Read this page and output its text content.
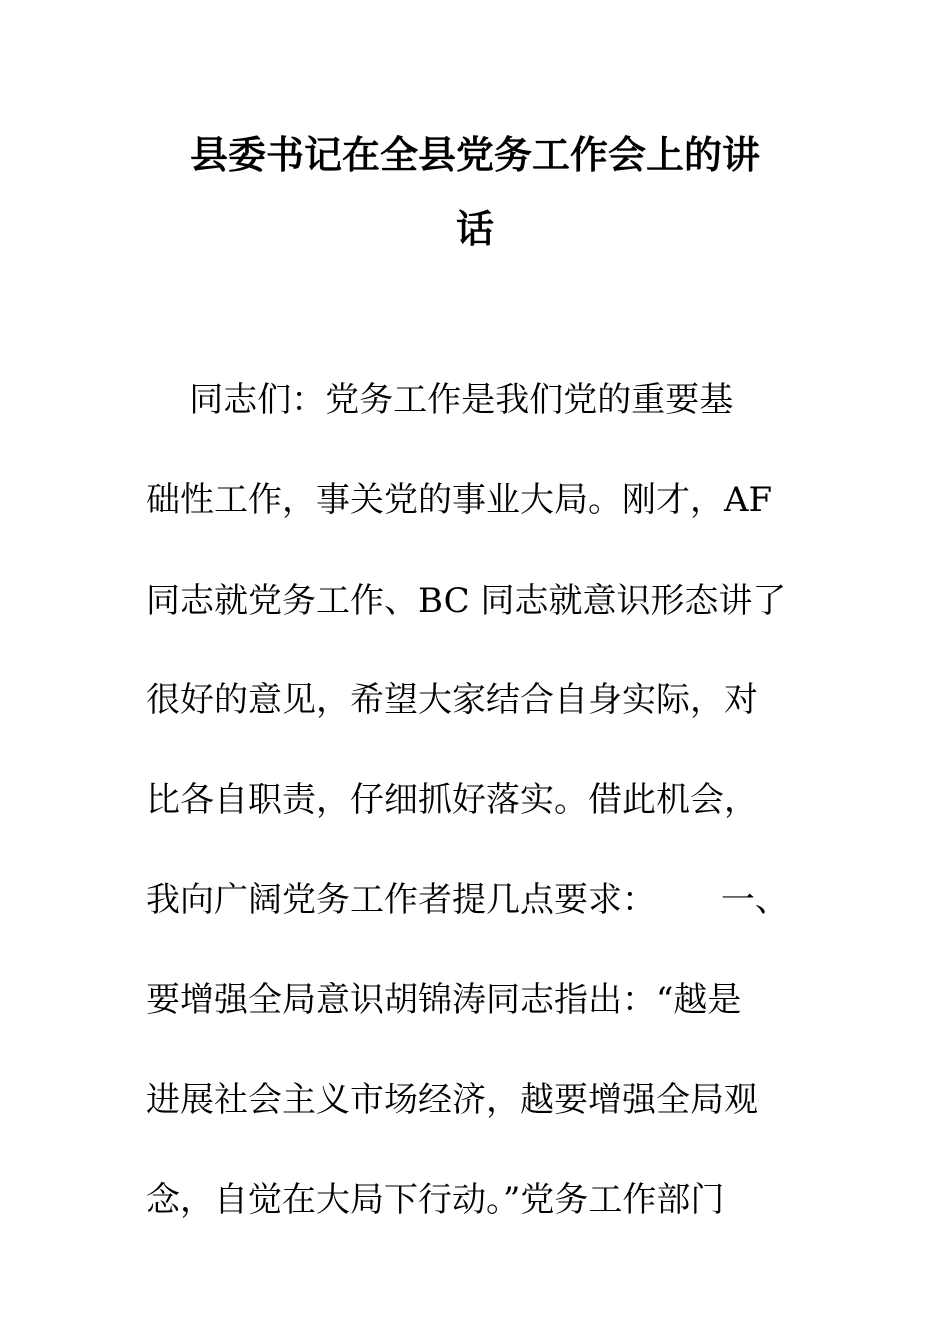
县委书记在全县党务工作会上的讲
话
同志们：党务工作是我们党的重要基
础性工作，事关党的事业大局。刚才，AF
同志就党务工作、BC 同志就意识形态讲了
很好的意见，希望大家结合自身实际，对
比各自职责，仔细抓好落实。借此机会，
我向广阔党务工作者提几点要求：      一、
要增强全局意识胡锦涛同志指出：“越是
进展社会主义市场经济，越要增强全局观
念，自觉在大局下行动。”党务工作部门
